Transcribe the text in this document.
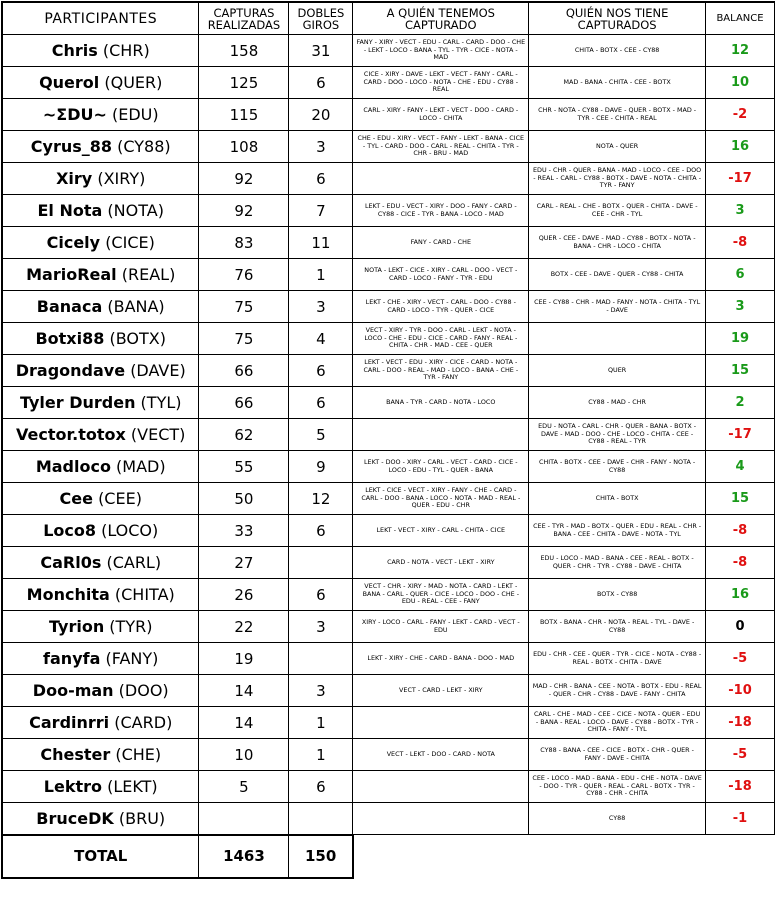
PARTICIPANTES	CAPTURAS REALIZADAS	DOBLES GIROS	A QUIÉN TENEMOS CAPTURADO	QUIÉN NOS TIENE CAPTURADOS	BALANCE
Chris (CHR)	158	31	FANY - XIRY - VECT - EDU - CARL - CARD - DOO - CHE - LEKT - LOCO - BANA - TYL - TYR - CICE - NOTA - MAD	CHITA - BOTX - CEE - CY88	12
Querol (QUER)	125	6	CICE - XIRY - DAVE - LEKT - VECT - FANY - CARL - CARD - DOO - LOCO - NOTA - CHE - EDU - CY88 - REAL	MAD - BANA - CHITA - CEE - BOTX	10
~ΣDU~ (EDU)	115	20	CARL - XIRY - FANY - LEKT - VECT - DOO - CARD - LOCO - CHITA	CHR - NOTA - CY88 - DAVE - QUER - BOTX - MAD - TYR - CEE - CHITA - REAL	-2
Cyrus_88 (CY88)	108	3	CHE - EDU - XIRY - VECT - FANY - LEKT - BANA - CICE - TYL - CARD - DOO - CARL - REAL - CHITA - TYR - CHR - BRU - MAD	NOTA - QUER	16
Xiry (XIRY)	92	6		EDU - CHR - QUER - BANA - MAD - LOCO - CEE - DOO - REAL - CARL - CY88 - BOTX - DAVE - NOTA - CHITA - TYR - FANY	-17
El Nota (NOTA)	92	7	LEKT - EDU - VECT - XIRY - DOO - FANY - CARD - CY88 - CICE - TYR - BANA - LOCO - MAD	CARL - REAL - CHE - BOTX - QUER - CHITA - DAVE - CEE - CHR - TYL	3
Cicely (CICE)	83	11	FANY - CARD - CHE	QUER - CEE - DAVE - MAD - CY88 - BOTX - NOTA - BANA - CHR - LOCO - CHITA	-8
MarioReal (REAL)	76	1	NOTA - LEKT - CICE - XIRY - CARL - DOO - VECT - CARD - LOCO - FANY - TYR - EDU	BOTX - CEE - DAVE - QUER - CY88 - CHITA	6
Banaca (BANA)	75	3	LEKT - CHE - XIRY - VECT - CARL - DOO - CY88 - CARD - LOCO - TYR - QUER - CICE	CEE - CY88 - CHR - MAD - FANY - NOTA - CHITA - TYL - DAVE	3
Botxi88 (BOTX)	75	4	VECT - XIRY - TYR - DOO - CARL - LEKT - NOTA - LOCO - CHE - EDU - CICE - CARD - FANY - REAL - CHITA - CHR - MAD - CEE - QUER		19
Dragondave (DAVE)	66	6	LEKT - VECT - EDU - XIRY - CICE - CARD - NOTA - CARL - DOO - REAL - MAD - LOCO - BANA - CHE - TYR - FANY	QUER	15
Tyler Durden (TYL)	66	6	BANA - TYR - CARD - NOTA - LOCO	CY88 - MAD - CHR	2
Vector.totox (VECT)	62	5		EDU - NOTA - CARL - CHR - QUER - BANA - BOTX - DAVE - MAD - DOO - CHE - LOCO - CHITA - CEE - CY88 - REAL - TYR	-17
Madloco (MAD)	55	9	LEKT - DOO - XIRY - CARL - VECT - CARD - CICE - LOCO - EDU - TYL - QUER - BANA	CHITA - BOTX - CEE - DAVE - CHR - FANY - NOTA - CY88	4
Cee (CEE)	50	12	LEKT - CICE - VECT - XIRY - FANY - CHE - CARD - CARL - DOO - BANA - LOCO - NOTA - MAD - REAL - QUER - EDU - CHR	CHITA - BOTX	15
Loco8 (LOCO)	33	6	LEKT - VECT - XIRY - CARL - CHITA - CICE	CEE - TYR - MAD - BOTX - QUER - EDU - REAL - CHR - BANA - CEE - CHITA - DAVE - NOTA - TYL	-8
CaRl0s (CARL)	27		CARD - NOTA - VECT - LEKT - XIRY	EDU - LOCO - MAD - BANA - CEE - REAL - BOTX - QUER - CHR - TYR - CY88 - DAVE - CHITA	-8
Monchita (CHITA)	26	6	VECT - CHR - XIRY - MAD - NOTA - CARD - LEKT - BANA - CARL - QUER - CICE - LOCO - DOO - CHE - EDU - REAL - CEE - FANY	BOTX - CY88	16
Tyrion (TYR)	22	3	XIRY - LOCO - CARL - FANY - LEKT - CARD - VECT - EDU	BOTX - BANA - CHR - NOTA - REAL - TYL - DAVE - CY88	0
fanyfa (FANY)	19		LEKT - XIRY - CHE - CARD - BANA - DOO - MAD	EDU - CHR - CEE - QUER - TYR - CICE - NOTA - CY88 - REAL - BOTX - CHITA - DAVE	-5
Doo-man (DOO)	14	3	VECT - CARD - LEKT - XIRY	MAD - CHR - BANA - CEE - NOTA - BOTX - EDU - REAL - QUER - CHR - CY88 - DAVE - FANY - CHITA	-10
Cardinrri (CARD)	14	1		CARL - CHE - MAD - CEE - CICE - NOTA - QUER - EDU - BANA - REAL - LOCO - DAVE - CY88 - BOTX - TYR - CHITA - FANY - TYL	-18
Chester (CHE)	10	1	VECT - LEKT - DOO - CARD - NOTA	CY88 - BANA - CEE - CICE - BOTX - CHR - QUER - FANY - DAVE - CHITA	-5
Lektro (LEKT)	5	6		CEE - LOCO - MAD - BANA - EDU - CHE - NOTA - DAVE - DOO - TYR - QUER - REAL - CARL - BOTX - TYR - CY88 - CHR - CHITA	-18
BruceDK (BRU)				CY88	-1
TOTAL	1463	150			
